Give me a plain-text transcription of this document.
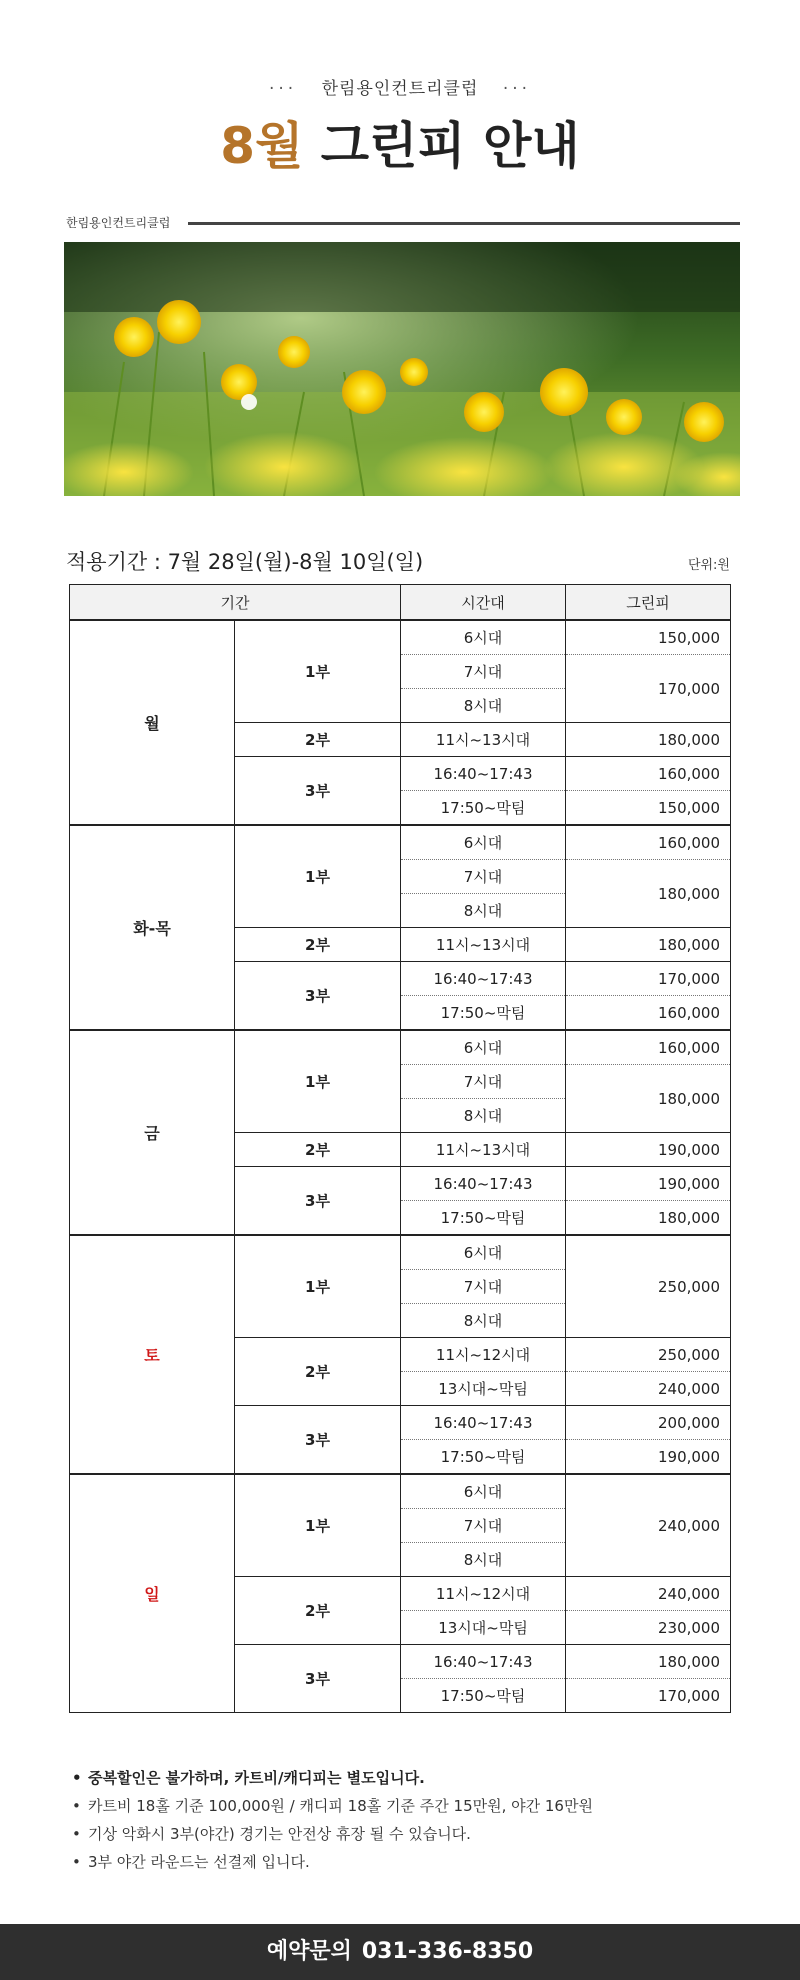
··· 한림용인컨트리클럽 ···
8월 그린피 안내
한림용인컨트리클럽
적용기간 : 7월 28일(월)-8월 10일(일)	단위:원
기간		시간대	그린피
월	1부	6시대	150,000
		7시대	170,000
		8시대	
	2부	11시~13시대	180,000
	3부	16:40~17:43	160,000
		17:50~막팀	150,000
화-목	1부	6시대	160,000
		7시대	180,000
		8시대	
	2부	11시~13시대	180,000
	3부	16:40~17:43	170,000
		17:50~막팀	160,000
금	1부	6시대	160,000
		7시대	180,000
		8시대	
	2부	11시~13시대	190,000
	3부	16:40~17:43	190,000
		17:50~막팀	180,000
토	1부	6시대	250,000
		7시대	
		8시대	
	2부	11시~12시대	250,000
		13시대~막팀	240,000
	3부	16:40~17:43	200,000
		17:50~막팀	190,000
일	1부	6시대	240,000
		7시대	
		8시대	
	2부	11시~12시대	240,000
		13시대~막팀	230,000
	3부	16:40~17:43	180,000
		17:50~막팀	170,000
• 중복할인은 불가하며, 카트비/캐디피는 별도입니다.
• 카트비 18홀 기준 100,000원 / 캐디피 18홀 기준 주간 15만원, 야간 16만원
• 기상 악화시 3부(야간) 경기는 안전상 휴장 될 수 있습니다.
• 3부 야간 라운드는 선결제 입니다.
예약문의 031-336-8350
